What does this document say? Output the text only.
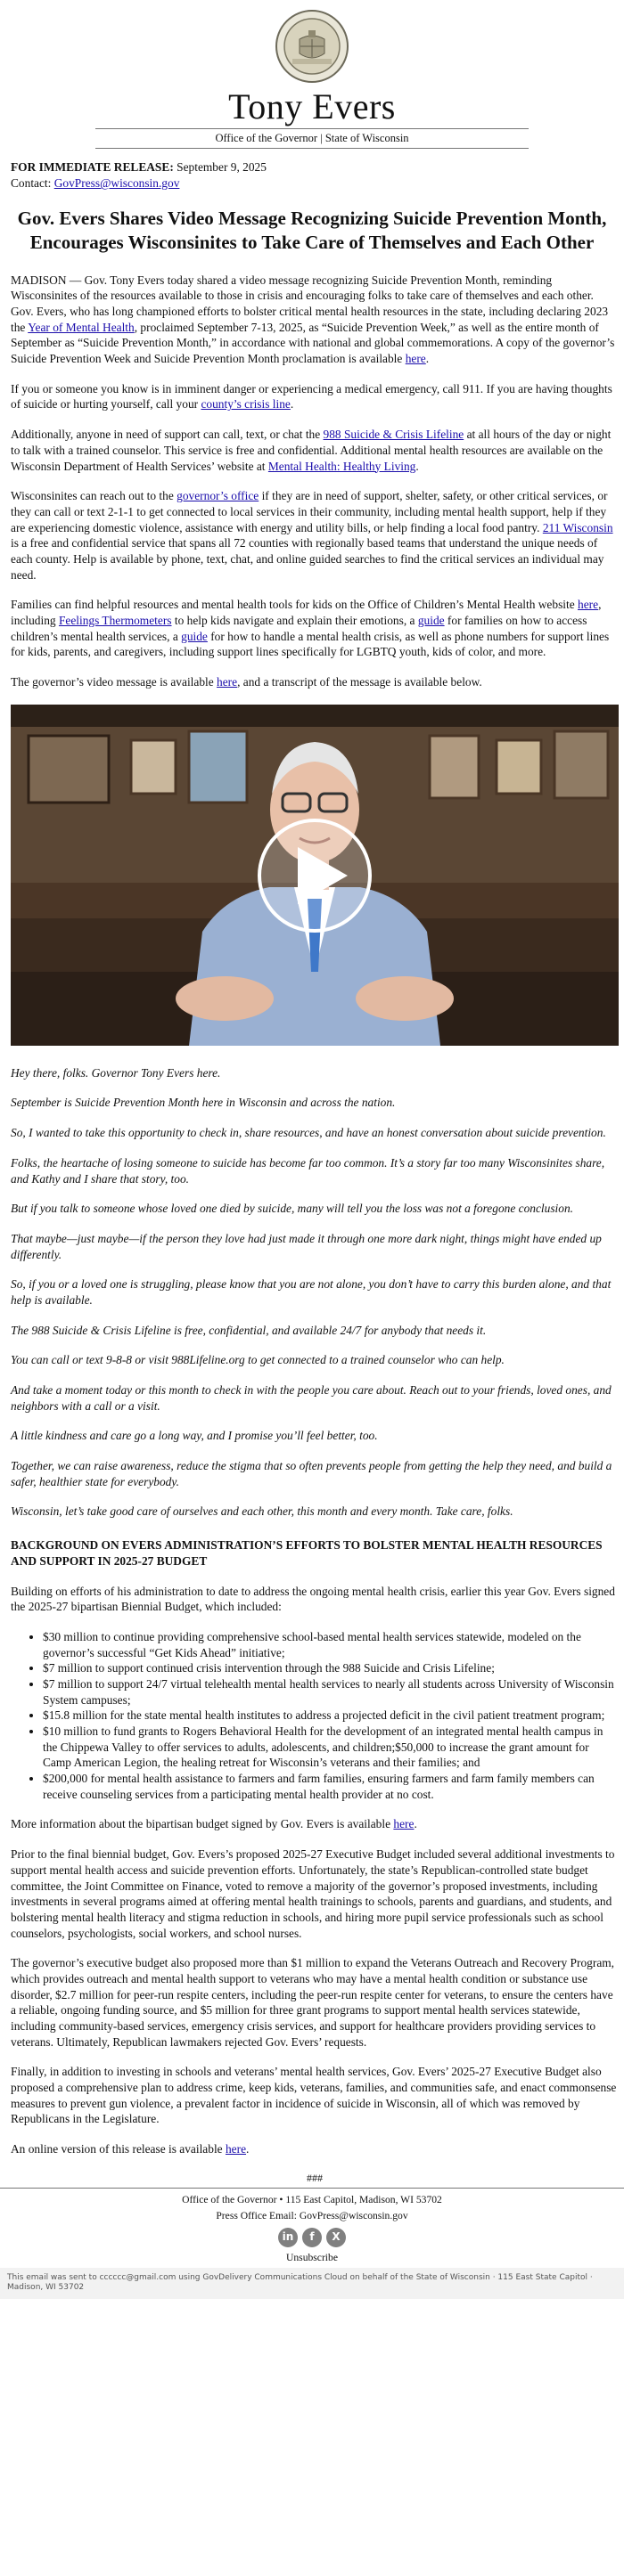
Tony Evers
Office of the Governor | State of Wisconsin
FOR IMMEDIATE RELEASE: September 9, 2025
Contact: GovPress@wisconsin.gov
Gov. Evers Shares Video Message Recognizing Suicide Prevention Month, Encourages Wisconsinites to Take Care of Themselves and Each Other

MADISON — Gov. Tony Evers today shared a video message recognizing Suicide Prevention Month, reminding Wisconsinites of the resources available to those in crisis and encouraging folks to take care of themselves and each other. Gov. Evers, who has long championed efforts to bolster critical mental health resources in the state, including declaring 2023 the Year of Mental Health, proclaimed September 7-13, 2025, as “Suicide Prevention Week,” as well as the entire month of September as “Suicide Prevention Month,” in accordance with national and global commemorations. A copy of the governor’s Suicide Prevention Week and Suicide Prevention Month proclamation is available here.

If you or someone you know is in imminent danger or experiencing a medical emergency, call 911. If you are having thoughts of suicide or hurting yourself, call your county’s crisis line.

Additionally, anyone in need of support can call, text, or chat the 988 Suicide & Crisis Lifeline at all hours of the day or night to talk with a trained counselor. This service is free and confidential. Additional mental health resources are available on the Wisconsin Department of Health Services’ website at Mental Health: Healthy Living.

Wisconsinites can reach out to the governor’s office if they are in need of support, shelter, safety, or other critical services, or they can call or text 2-1-1 to get connected to local services in their community, including mental health support, help if they are experiencing domestic violence, assistance with energy and utility bills, or help finding a local food pantry. 211 Wisconsin is a free and confidential service that spans all 72 counties with regionally based teams that understand the unique needs of each county. Help is available by phone, text, chat, and online guided searches to find the critical services an individual may need.

Families can find helpful resources and mental health tools for kids on the Office of Children’s Mental Health website here, including Feelings Thermometers to help kids navigate and explain their emotions, a guide for families on how to access children’s mental health services, a guide for how to handle a mental health crisis, as well as phone numbers for support lines for kids, parents, and caregivers, including support lines specifically for LGBTQ youth, kids of color, and more.

The governor’s video message is available here, and a transcript of the message is available below.

Hey there, folks. Governor Tony Evers here.

September is Suicide Prevention Month here in Wisconsin and across the nation.

So, I wanted to take this opportunity to check in, share resources, and have an honest conversation about suicide prevention.

Folks, the heartache of losing someone to suicide has become far too common. It’s a story far too many Wisconsinites share, and Kathy and I share that story, too.

But if you talk to someone whose loved one died by suicide, many will tell you the loss was not a foregone conclusion.

That maybe—just maybe—if the person they love had just made it through one more dark night, things might have ended up differently.

So, if you or a loved one is struggling, please know that you are not alone, you don’t have to carry this burden alone, and that help is available.

The 988 Suicide & Crisis Lifeline is free, confidential, and available 24/7 for anybody that needs it.

You can call or text 9-8-8 or visit 988Lifeline.org to get connected to a trained counselor who can help.

And take a moment today or this month to check in with the people you care about. Reach out to your friends, loved ones, and neighbors with a call or a visit.

A little kindness and care go a long way, and I promise you’ll feel better, too.

Together, we can raise awareness, reduce the stigma that so often prevents people from getting the help they need, and build a safer, healthier state for everybody.

Wisconsin, let’s take good care of ourselves and each other, this month and every month. Take care, folks.

BACKGROUND ON EVERS ADMINISTRATION’S EFFORTS TO BOLSTER MENTAL HEALTH RESOURCES AND SUPPORT IN 2025-27 BUDGET

Building on efforts of his administration to date to address the ongoing mental health crisis, earlier this year Gov. Evers signed the 2025-27 bipartisan Biennial Budget, which included:

• $30 million to continue providing comprehensive school-based mental health services statewide, modeled on the governor’s successful “Get Kids Ahead” initiative;
• $7 million to support continued crisis intervention through the 988 Suicide and Crisis Lifeline;
• $7 million to support 24/7 virtual telehealth mental health services to nearly all students across University of Wisconsin System campuses;
• $15.8 million for the state mental health institutes to address a projected deficit in the civil patient treatment program;
• $10 million to fund grants to Rogers Behavioral Health for the development of an integrated mental health campus in the Chippewa Valley to offer services to adults, adolescents, and children;$50,000 to increase the grant amount for Camp American Legion, the healing retreat for Wisconsin’s veterans and their families; and
• $200,000 for mental health assistance to farmers and farm families, ensuring farmers and farm family members can receive counseling services from a participating mental health provider at no cost.

More information about the bipartisan budget signed by Gov. Evers is available here.

Prior to the final biennial budget, Gov. Evers’s proposed 2025-27 Executive Budget included several additional investments to support mental health access and suicide prevention efforts. Unfortunately, the state’s Republican-controlled state budget committee, the Joint Committee on Finance, voted to remove a majority of the governor’s proposed investments, including investments in several programs aimed at offering mental health trainings to schools, parents and guardians, and students, and bolstering mental health literacy and stigma reduction in schools, and hiring more pupil service professionals such as school counselors, psychologists, social workers, and school nurses.

The governor’s executive budget also proposed more than $1 million to expand the Veterans Outreach and Recovery Program, which provides outreach and mental health support to veterans who may have a mental health condition or substance use disorder, $2.7 million for peer-run respite centers, including the peer-run respite center for veterans, to ensure the centers have a reliable, ongoing funding source, and $5 million for three grant programs to support mental health services statewide, including community-based services, emergency crisis services, and support for healthcare providers providing services to veterans. Ultimately, Republican lawmakers rejected Gov. Evers’ requests.

Finally, in addition to investing in schools and veterans’ mental health services, Gov. Evers’ 2025-27 Executive Budget also proposed a comprehensive plan to address crime, keep kids, veterans, families, and communities safe, and enact commonsense measures to prevent gun violence, a prevalent factor in incidence of suicide in Wisconsin, all of which was removed by Republicans in the Legislature.

An online version of this release is available here.

###
Office of the Governor • 115 East Capitol, Madison, WI 53702
Press Office Email: GovPress@wisconsin.gov
in	f	X
Unsubscribe
This email was sent to cccccc@gmail.com using GovDelivery Communications Cloud on behalf of the State of Wisconsin · 115 East State Capitol · Madison, WI 53702
